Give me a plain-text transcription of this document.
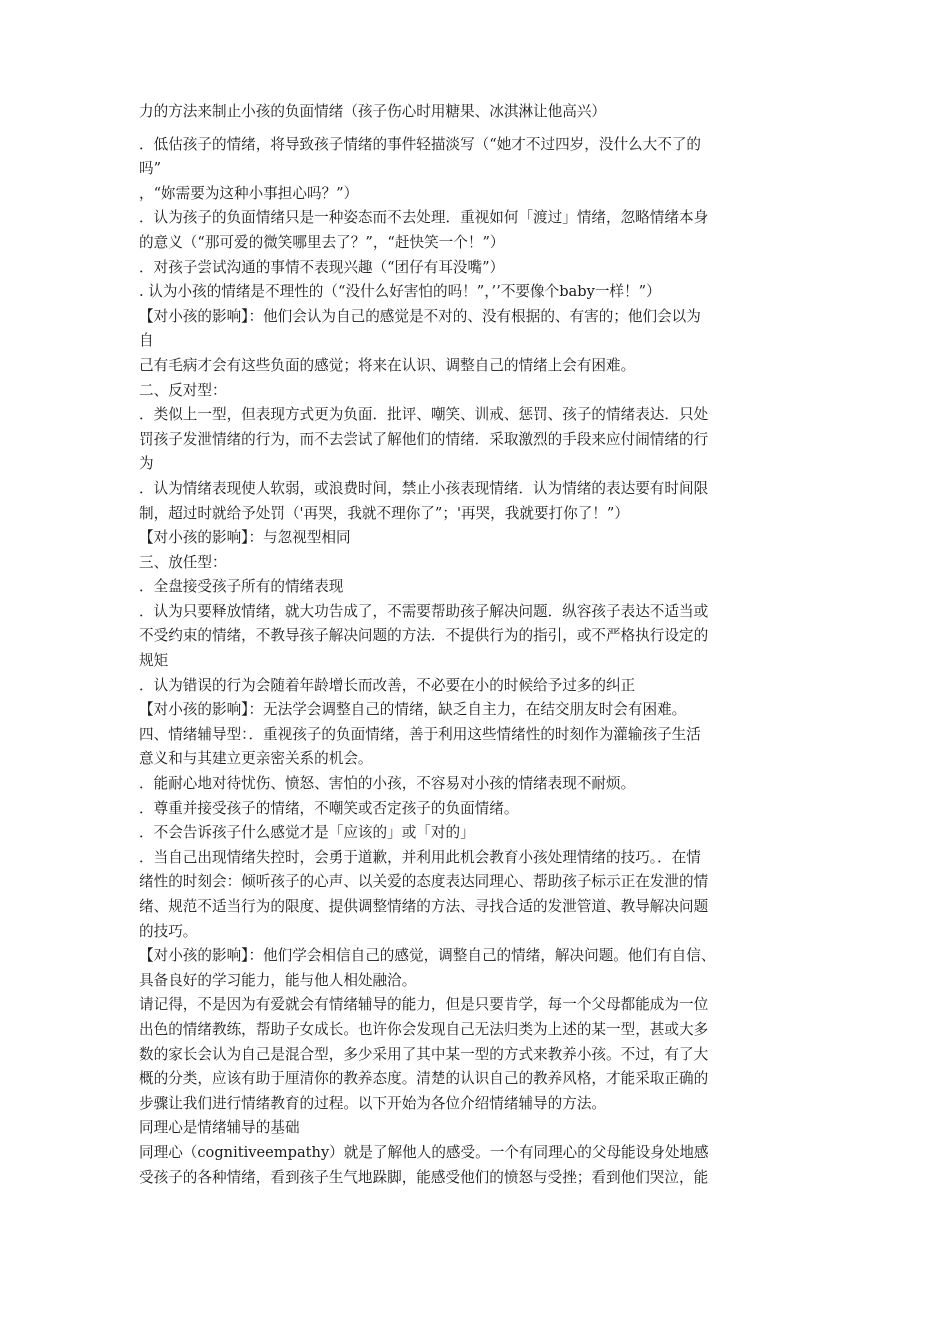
力的方法来制止小孩的负面情绪（孩子伤心时用糖果、冰淇淋让他高兴）

．低估孩子的情绪，将导致孩子情绪的事件轻描淡写（“她才不过四岁，没什么大不了的

吗”

，“妳需要为这种小事担心吗？”）

．认为孩子的负面情绪只是一种姿态而不去处理．重视如何「渡过」情绪，忽略情绪本身

的意义（“那可爱的微笑哪里去了？”，“赶快笑一个！”）

．对孩子尝试沟通的事情不表现兴趣（“团仔有耳没嘴”）

. 认为小孩的情绪是不理性的（“没什么好害怕的吗！”，’’不要像个baby一样！”）

【对小孩的影响】：他们会认为自己的感觉是不对的、没有根据的、有害的；他们会以为

自

己有毛病才会有这些负面的感觉；将来在认识、调整自己的情绪上会有困难。

二、反对型：

．类似上一型，但表现方式更为负面．批评、嘲笑、训戒、惩罚、孩子的情绪表达．只处

罚孩子发泄情绪的行为，而不去尝试了解他们的情绪．采取激烈的手段来应付闹情绪的行

为

．认为情绪表现使人软弱，或浪费时间，禁止小孩表现情绪．认为情绪的表达要有时间限

制，超过时就给予处罚（'再哭，我就不理你了”；'再哭，我就要打你了！”）

【对小孩的影响】：与忽视型相同

三、放任型：

．全盘接受孩子所有的情绪表现

．认为只要释放情绪，就大功告成了，不需要帮助孩子解决问题．纵容孩子表达不适当或

不受约束的情绪，不教导孩子解决问题的方法．不提供行为的指引，或不严格执行设定的

规矩

．认为错误的行为会随着年龄增长而改善，不必要在小的时候给予过多的纠正

【对小孩的影响】：无法学会调整自己的情绪，缺乏自主力，在结交朋友时会有困难。

四、情绪辅导型：．重视孩子的负面情绪，善于利用这些情绪性的时刻作为灌输孩子生活

意义和与其建立更亲密关系的机会。

．能耐心地对待忧伤、愤怒、害怕的小孩，不容易对小孩的情绪表现不耐烦。

．尊重并接受孩子的情绪，不嘲笑或否定孩子的负面情绪。

．不会告诉孩子什么感觉才是「应该的」或「对的」

．当自己出现情绪失控时，会勇于道歉，并利用此机会教育小孩处理情绪的技巧。．在情

绪性的时刻会：倾听孩子的心声、以关爱的态度表达同理心、帮助孩子标示正在发泄的情

绪、规范不适当行为的限度、提供调整情绪的方法、寻找合适的发泄管道、教导解决问题

的技巧。

【对小孩的影响】：他们学会相信自己的感觉，调整自己的情绪，解决问题。他们有自信、

具备良好的学习能力，能与他人相处融洽。

请记得，不是因为有爱就会有情绪辅导的能力，但是只要肯学，每一个父母都能成为一位

出色的情绪教练，帮助子女成长。也许你会发现自己无法归类为上述的某一型，甚或大多

数的家长会认为自己是混合型，多少采用了其中某一型的方式来教养小孩。不过，有了大

概的分类，应该有助于厘清你的教养态度。清楚的认识自己的教养风格，才能采取正确的

步骤让我们进行情绪教育的过程。以下开始为各位介绍情绪辅导的方法。

同理心是情绪辅导的基础

同理心（cognitiveempathy）就是了解他人的感受。一个有同理心的父母能设身处地感

受孩子的各种情绪，看到孩子生气地跺脚，能感受他们的愤怒与受挫；看到他们哭泣，能
